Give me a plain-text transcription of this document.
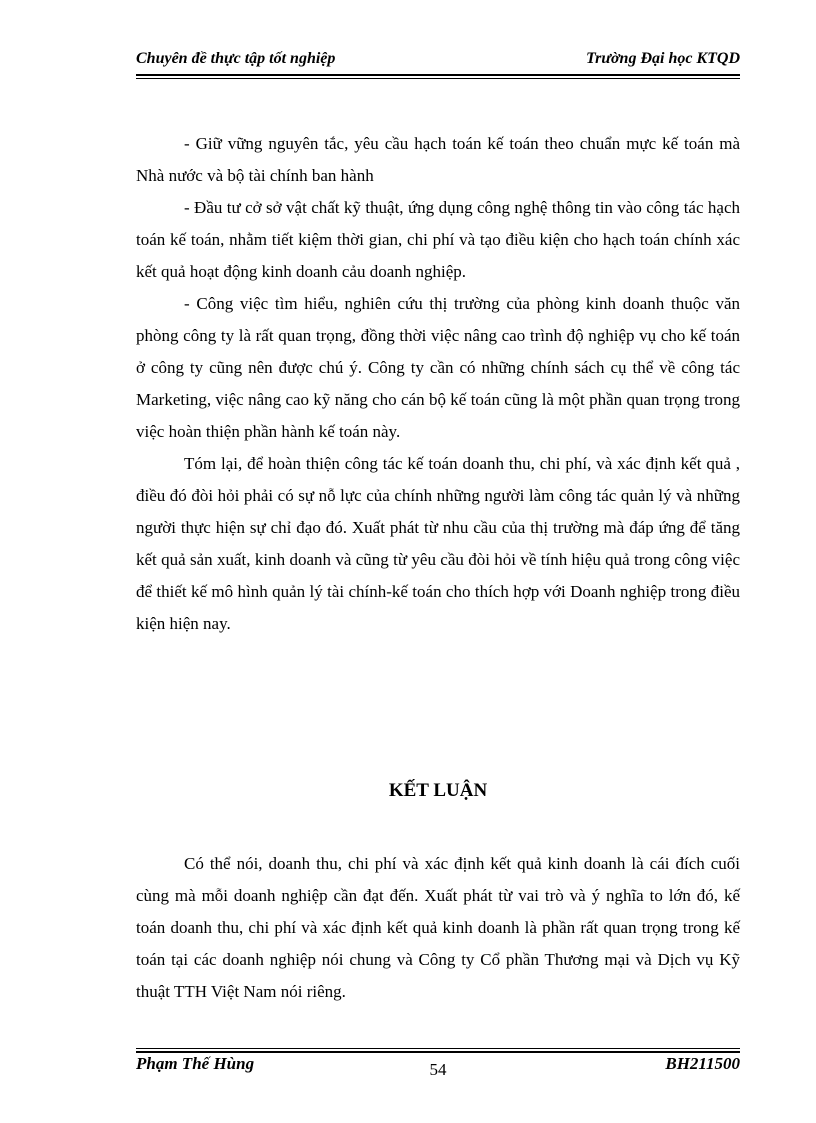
Chuyên đề thực tập tốt nghiệp	Trường Đại học KTQD

- Giữ vững nguyên tắc, yêu cầu hạch toán kế toán theo chuẩn mực kế toán mà Nhà nước và bộ tài chính ban hành

- Đầu tư cở sở vật chất kỹ thuật, ứng dụng công nghệ thông tin vào công tác hạch toán kế toán, nhằm tiết kiệm thời gian, chi phí và tạo điều kiện cho hạch toán chính xác kết quả hoạt động kinh doanh cảu doanh nghiệp.

- Công việc tìm hiểu, nghiên cứu thị trường của phòng kinh doanh thuộc văn phòng công ty là rất quan trọng, đồng thời việc nâng cao trình độ nghiệp vụ cho kế toán ở công ty cũng nên được chú ý. Công ty cần có những chính sách cụ thể về công tác Marketing, việc nâng cao kỹ năng cho cán bộ kế toán cũng là một phần quan trọng trong việc hoàn thiện phần hành kế toán này.

Tóm lại, để hoàn thiện công tác kế toán doanh thu, chi phí, và xác định kết quả , điều đó đòi hỏi phải có sự nỗ lực của chính những người làm công tác quản lý và những người thực hiện sự chỉ đạo đó. Xuất phát từ nhu cầu của thị trường mà đáp ứng để tăng kết quả sản xuất, kinh doanh và cũng từ yêu cầu đòi hỏi về tính hiệu quả trong công việc để thiết kế mô hình quản lý tài chính-kế toán cho thích hợp với Doanh nghiệp trong điều kiện hiện nay.

KẾT LUẬN

Có thể nói, doanh thu, chi phí và xác định kết quả kinh doanh là cái đích cuối cùng mà mỗi doanh nghiệp cần đạt đến. Xuất phát từ vai trò và ý nghĩa to lớn đó, kế toán doanh thu, chi phí và xác định kết quả kinh doanh là phần rất quan trọng trong kế toán tại các doanh nghiệp nói chung và Công ty Cổ phần Thương mại và Dịch vụ Kỹ thuật TTH Việt Nam nói riêng.

Phạm Thế Hùng	54	BH211500
